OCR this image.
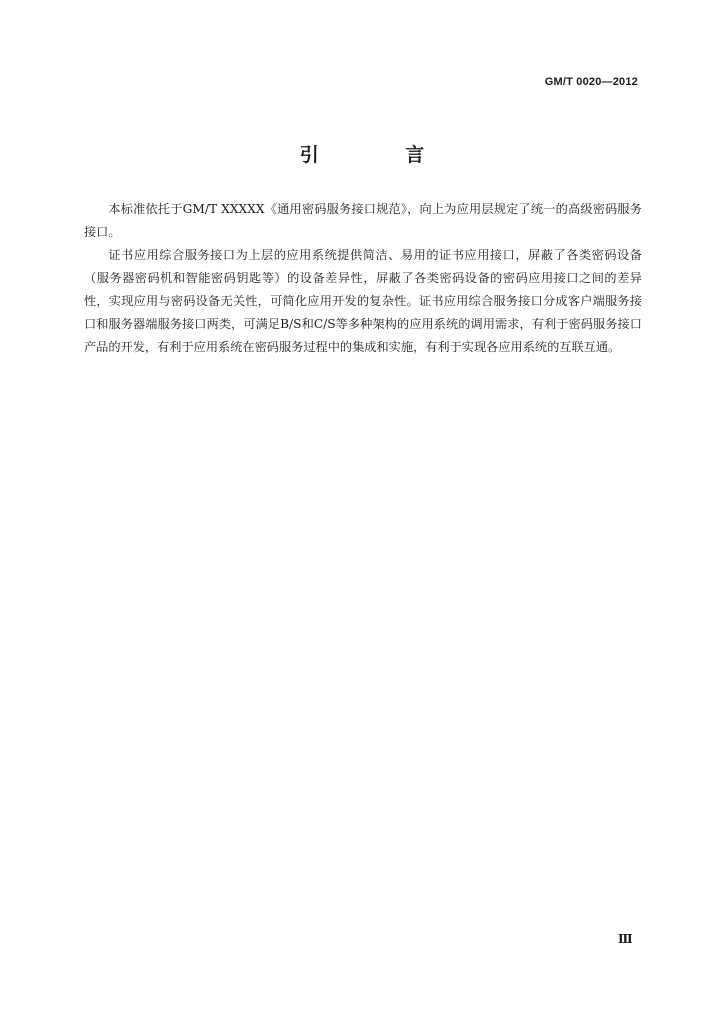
GM/T 0020—2012
引 言

本标准依托于GM/T XXXXX《通用密码服务接口规范》，向上为应用层规定了统一的高级密码服务接口。

证书应用综合服务接口为上层的应用系统提供简洁、易用的证书应用接口，屏蔽了各类密码设备（服务器密码机和智能密码钥匙等）的设备差异性，屏蔽了各类密码设备的密码应用接口之间的差异性，实现应用与密码设备无关性，可简化应用开发的复杂性。证书应用综合服务接口分成客户端服务接口和服务器端服务接口两类，可满足B/S和C/S等多种架构的应用系统的调用需求，有利于密码服务接口产品的开发，有利于应用系统在密码服务过程中的集成和实施，有利于实现各应用系统的互联互通。

Ⅲ
